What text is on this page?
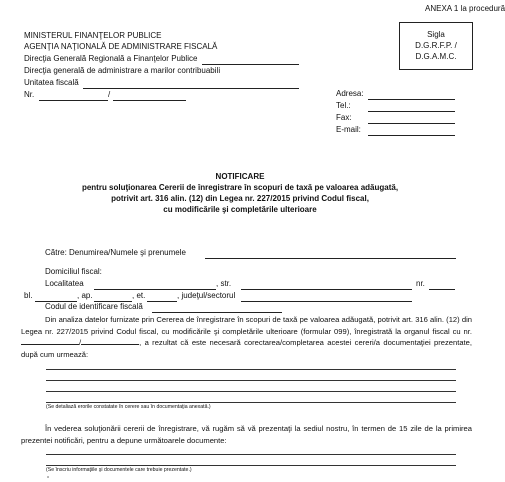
ANEXA 1 la procedură
MINISTERUL FINANŢELOR PUBLICE
AGENŢIA NAŢIONALĂ DE ADMINISTRARE FISCALĂ
Direcţia Generală Regională a Finanţelor Publice
Direcţia generală de administrare a marilor contribuabili
Unitatea fiscală
Nr.	/
Sigla
D.G.R.F.P. /
D.G.A.M.C.
Adresa:
Tel.:
Fax:
E-mail:
NOTIFICARE
pentru soluţionarea Cererii de înregistrare în scopuri de taxă pe valoarea adăugată,
potrivit art. 316 alin. (12) din Legea nr. 227/2015 privind Codul fiscal,
cu modificările şi completările ulterioare
Către: Denumirea/Numele şi prenumele
Domiciliul fiscal:
Localitatea	, str.	nr.
bl.	, ap.	, et.	, judeţul/sectorul
Codul de identificare fiscală
Din analiza datelor furnizate prin Cererea de înregistrare în scopuri de taxă pe valoarea adăugată, potrivit art. 316 alin. (12) din Legea nr. 227/2015 privind Codul fiscal, cu modificările şi completările ulterioare (formular 099), înregistrată la organul fiscal cu nr. /	, a rezultat că este necesară corectarea/completarea acestei cereri/a documentaţiei prezentate, după cum urmează:
(Se detaliază erorile constatate în cerere sau în documentaţia anexată.)
În vederea soluţionării cererii de înregistrare, vă rugăm să vă prezentaţi la sediul nostru, în termen de 15 zile de la primirea prezentei notificări, pentru a depune următoarele documente:
(Se înscriu informaţiile şi documentele care trebuie prezentate.)
°
